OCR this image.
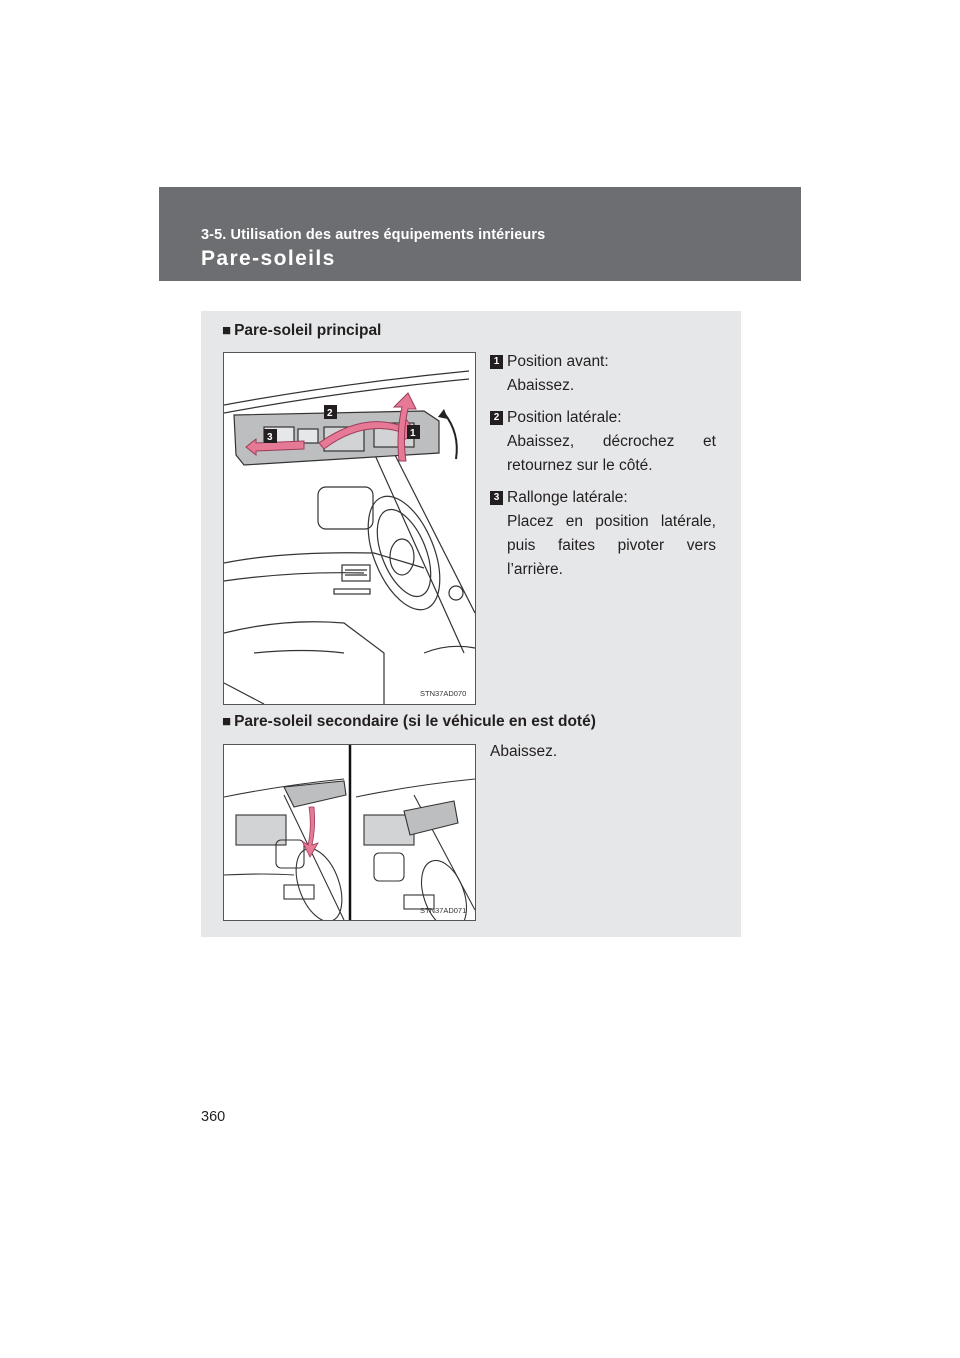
3-5. Utilisation des autres équipements intérieurs
Pare-soleils
■ Pare-soleil principal
2
1
3
STN37AD070
1 Position avant:
Abaissez.
2 Position latérale:
Abaissez, décrochez et retournez sur le côté.
3 Rallonge latérale:
Placez en position latérale, puis faites pivoter vers l’arrière.
■ Pare-soleil secondaire (si le véhicule en est doté)
STN37AD071
Abaissez.
360
